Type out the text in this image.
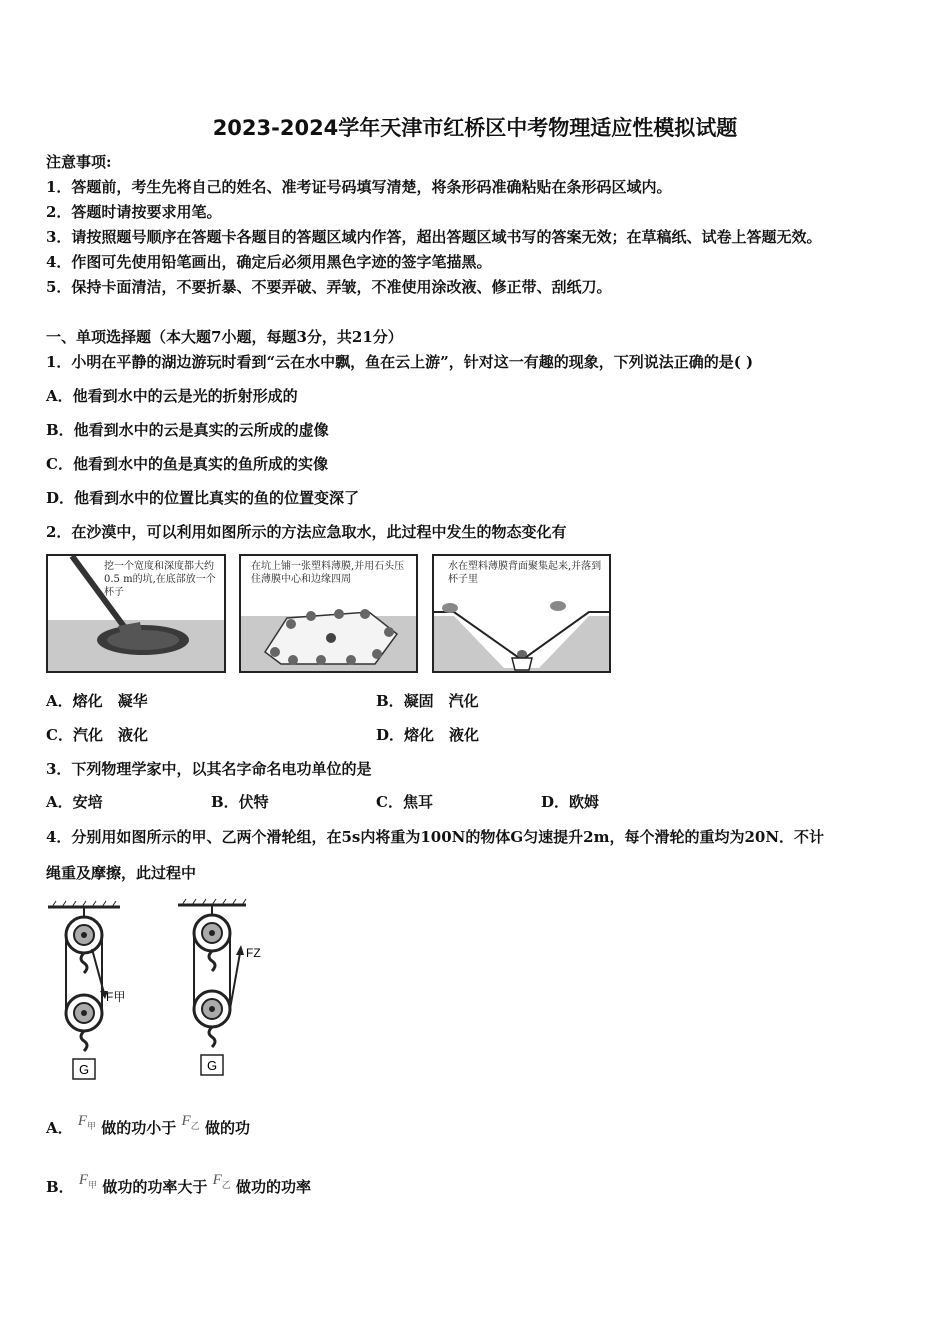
2023-2024学年天津市红桥区中考物理适应性模拟试题
注意事项:
1．答题前，考生先将自己的姓名、准考证号码填写清楚，将条形码准确粘贴在条形码区域内。
2．答题时请按要求用笔。
3．请按照题号顺序在答题卡各题目的答题区域内作答，超出答题区域书写的答案无效；在草稿纸、试卷上答题无效。
4．作图可先使用铅笔画出，确定后必须用黑色字迹的签字笔描黑。
5．保持卡面清洁，不要折暴、不要弄破、弄皱，不准使用涂改液、修正带、刮纸刀。
一、单项选择题（本大题7小题，每题3分，共21分）
1．小明在平静的湖边游玩时看到“云在水中飘，鱼在云上游”，针对这一有趣的现象，下列说法正确的是( )
A．他看到水中的云是光的折射形成的
B．他看到水中的云是真实的云所成的虚像
C．他看到水中的鱼是真实的鱼所成的实像
D．他看到水中的位置比真实的鱼的位置变深了
2．在沙漠中，可以利用如图所示的方法应急取水，此过程中发生的物态变化有
挖一个宽度和深度都大约0.5 m的坑,在底部放一个杯子
在坑上铺一张塑料薄膜,并用石头压住薄膜中心和边缘四周
水在塑料薄膜背面聚集起来,并落到杯子里
A．熔化　凝华	B．凝固　汽化
C．汽化　液化	D．熔化　液化
3．下列物理学家中，以其名字命名电功单位的是
A．安培	B．伏特	C．焦耳	D．欧姆
4．分别用如图所示的甲、乙两个滑轮组，在5s内将重为100N的物体G匀速提升2m，每个滑轮的重均为20N．不计
绳重及摩擦，此过程中
G
F甲
G
FZ
A． $F_甲$ 做的功小于 $F_乙$ 做的功
B． $F_甲$ 做功的功率大于 $F_乙$ 做功的功率
